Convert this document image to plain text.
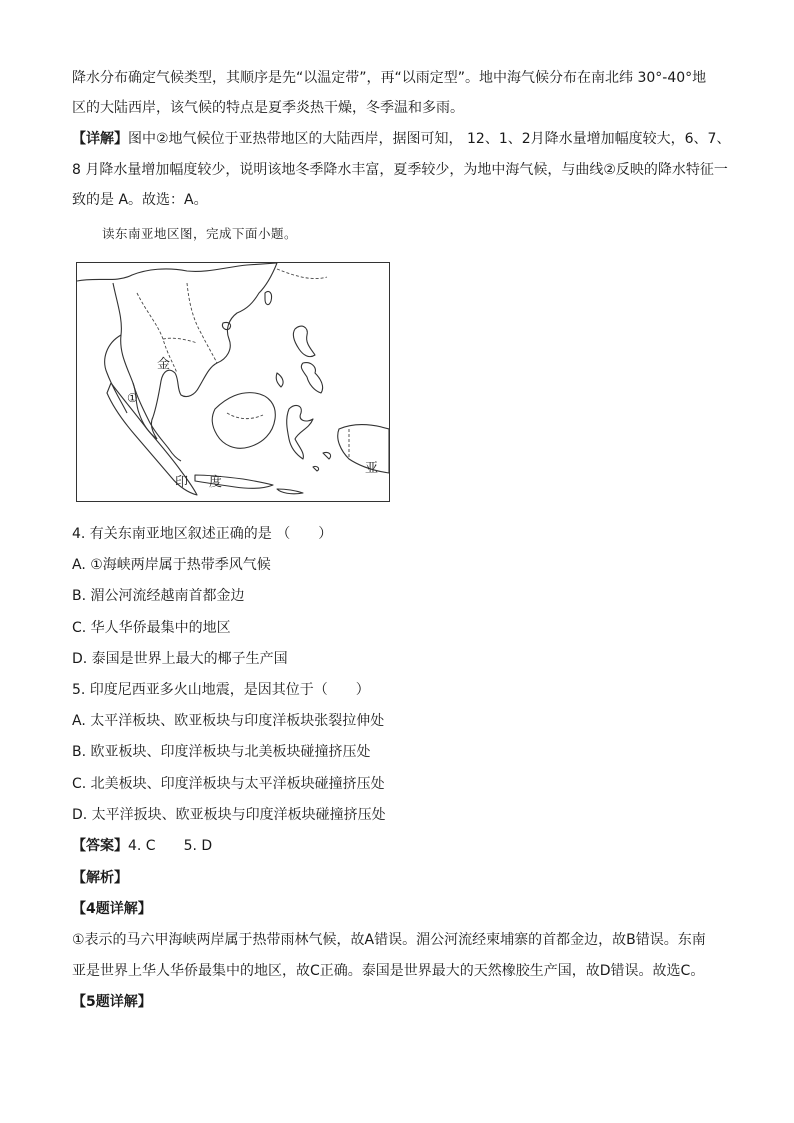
降水分布确定气候类型，其顺序是先“以温定带”，再“以雨定型”。地中海气候分布在南北纬 30°-40°地
区的大陆西岸，该气候的特点是夏季炎热干燥，冬季温和多雨。
【详解】图中②地气候位于亚热带地区的大陆西岸，据图可知， 12、1、2月降水量增加幅度较大，6、7、
8 月降水量增加幅度较少，说明该地冬季降水丰富，夏季较少，为地中海气候，与曲线②反映的降水特征一
致的是 A。故选：A。
读东南亚地区图，完成下面小题。
金
①
印 度
亚
4. 有关东南亚地区叙述正确的是 （　　）
A. ①海峡两岸属于热带季风气候
B. 湄公河流经越南首都金边
C. 华人华侨最集中的地区
D. 泰国是世界上最大的椰子生产国
5. 印度尼西亚多火山地震，是因其位于（　　）
A. 太平洋板块、欧亚板块与印度洋板块张裂拉伸处
B. 欧亚板块、印度洋板块与北美板块碰撞挤压处
C. 北美板块、印度洋板块与太平洋板块碰撞挤压处
D. 太平洋扳块、欧亚板块与印度洋板块碰撞挤压处
【答案】4. C　　5. D
【解析】
【4题详解】
①表示的马六甲海峡两岸属于热带雨林气候，故A错误。湄公河流经柬埔寨的首都金边，故B错误。东南
亚是世界上华人华侨最集中的地区，故C正确。泰国是世界最大的天然橡胶生产国，故D错误。故选C。
【5题详解】
